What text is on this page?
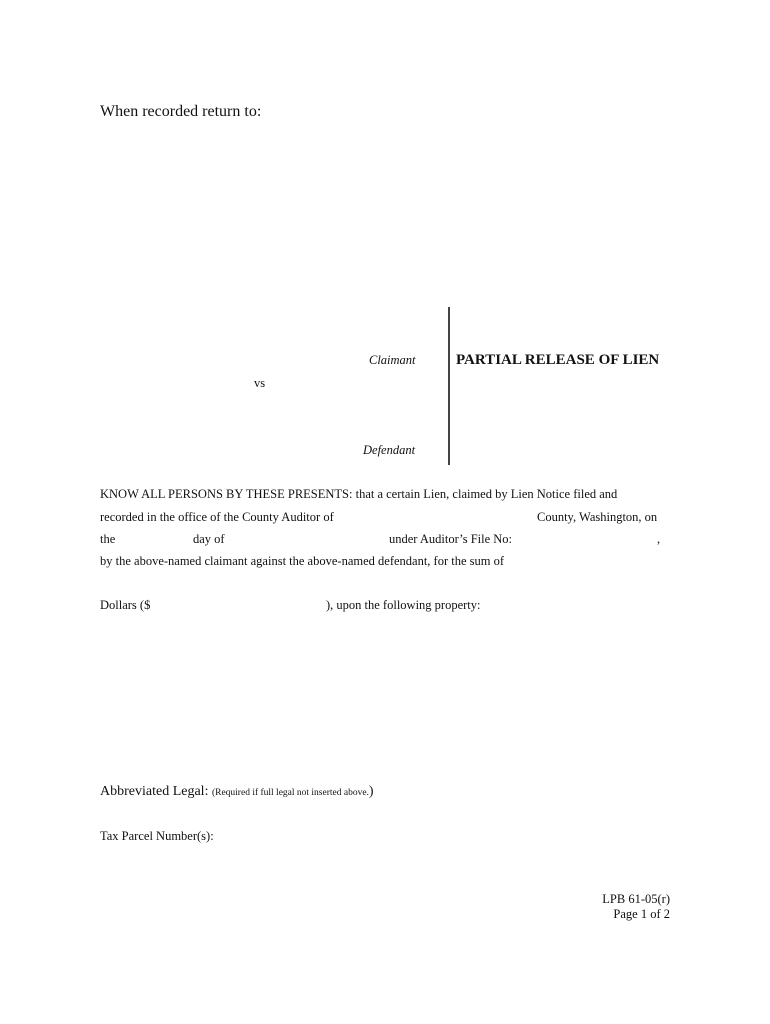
When recorded return to:
Claimant
vs
Defendant
PARTIAL RELEASE OF LIEN
KNOW ALL PERSONS BY THESE PRESENTS: that a certain Lien, claimed by Lien Notice filed and
recorded in the office of the County Auditor of	County, Washington, on
the	day of	under Auditor’s File No:	,
by the above-named claimant against the above-named defendant, for the sum of
Dollars ($	), upon the following property:
Abbreviated Legal: (Required if full legal not inserted above.)
Tax Parcel Number(s):
LPB 61-05(r)
Page 1 of 2
